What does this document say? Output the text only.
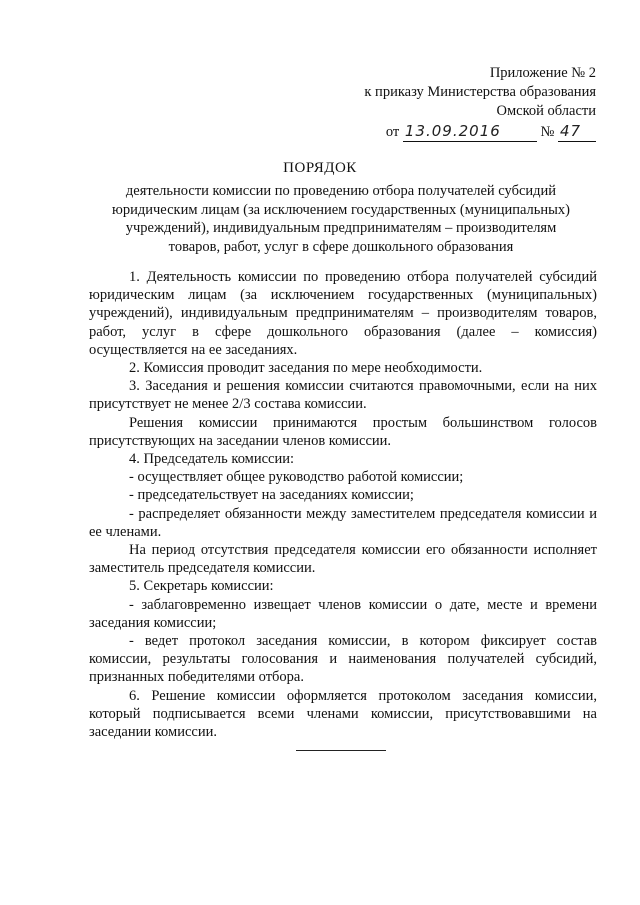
Приложение № 2
к приказу Министерства образования
Омской области
от 13.09.2016	№ 47
ПОРЯДОК
деятельности комиссии по проведению отбора получателей субсидий юридическим лицам (за исключением государственных (муниципальных) учреждений), индивидуальным предпринимателям – производителям товаров, работ, услуг в сфере дошкольного образования

1. Деятельность комиссии по проведению отбора получателей субсидий юридическим лицам (за исключением государственных (муниципальных) учреждений), индивидуальным предпринимателям – производителям товаров, работ, услуг в сфере дошкольного образования (далее – комиссия) осуществляется на ее заседаниях.

2. Комиссия проводит заседания по мере необходимости.

3. Заседания и решения комиссии считаются правомочными, если на них присутствует не менее 2/3 состава комиссии.

Решения комиссии принимаются простым большинством голосов присутствующих на заседании членов комиссии.

4. Председатель комиссии:

- осуществляет общее руководство работой комиссии;

- председательствует на заседаниях комиссии;

- распределяет обязанности между заместителем председателя комиссии и ее членами.

На период отсутствия председателя комиссии его обязанности исполняет заместитель председателя комиссии.

5. Секретарь комиссии:

- заблаговременно извещает членов комиссии о дате, месте и времени заседания комиссии;

- ведет протокол заседания комиссии, в котором фиксирует состав комиссии, результаты голосования и наименования получателей субсидий, признанных победителями отбора.

6. Решение комиссии оформляется протоколом заседания комиссии, который подписывается всеми членами комиссии, присутствовавшими на заседании комиссии.
